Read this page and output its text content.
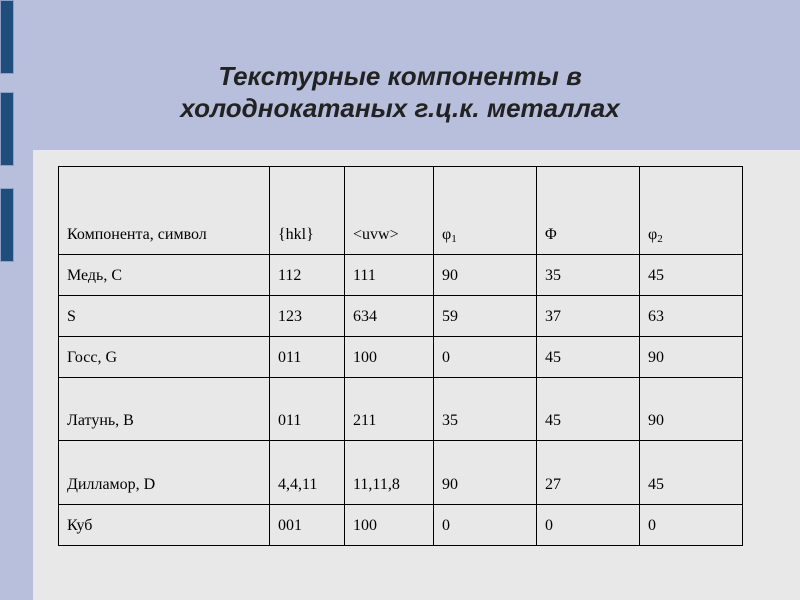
Текстурные компоненты в
холоднокатаных г.ц.к. металлах
Компонента, символ	{hkl}	<uvw>	$\varphi_1$	Φ	$\varphi_2$
Медь, C	112	111	90	35	45
S	123	634	59	37	63
Госс, G	011	100	0	45	90
Латунь, B	011	211	35	45	90
Дилламор, D	4,4,11	11,11,8	90	27	45
Куб	001	100	0	0	0
